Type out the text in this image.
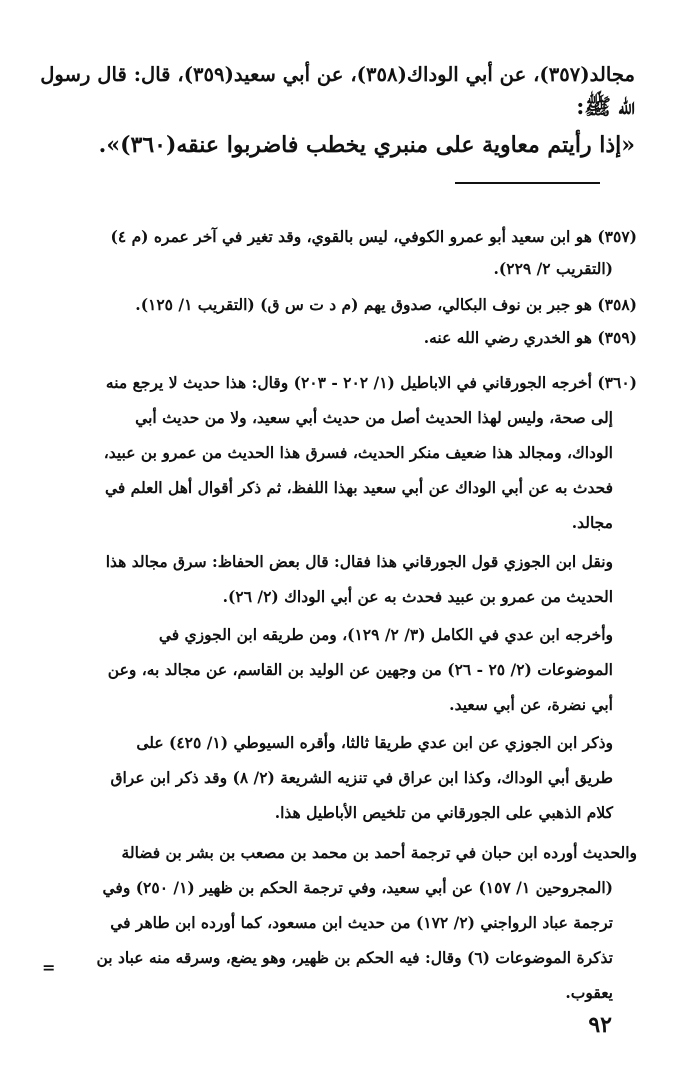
مجالد(٣٥٧)، عن أبي الوداك(٣٥٨)، عن أبي سعيد(٣٥٩)، قال: قال رسول
الله ﷺ:
«إذا رأيتم معاوية على منبري يخطب فاضربوا عنقه(٣٦٠)».
(٣٥٧) هو ابن سعيد أبو عمرو الكوفي، ليس بالقوي، وقد تغير في آخر عمره (م ٤)
(التقريب ٢/ ٢٢٩).
(٣٥٨) هو جبر بن نوف البكالي، صدوق يهم (م د ت س ق) (التقريب ١/ ١٢٥).
(٣٥٩) هو الخدري رضي الله عنه.
(٣٦٠) أخرجه الجورقاني في الاباطيل (١/ ٢٠٢ - ٢٠٣) وقال: هذا حديث لا يرجع منه
إلى صحة، وليس لهذا الحديث أصل من حديث أبي سعيد، ولا من حديث أبي
الوداك، ومجالد هذا ضعيف منكر الحديث، فسرق هذا الحديث من عمرو بن عبيد،
فحدث به عن أبي الوداك عن أبي سعيد بهذا اللفظ، ثم ذكر أقوال أهل العلم في
مجالد.
ونقل ابن الجوزي قول الجورقاني هذا فقال: قال بعض الحفاظ: سرق مجالد هذا
الحديث من عمرو بن عبيد فحدث به عن أبي الوداك (٢/ ٢٦).
وأخرجه ابن عدي في الكامل (٣/ ٢/ ١٢٩)، ومن طريقه ابن الجوزي في
الموضوعات (٢/ ٢٥ - ٢٦) من وجهين عن الوليد بن القاسم، عن مجالد به، وعن
أبي نضرة، عن أبي سعيد.
وذكر ابن الجوزي عن ابن عدي طريقا ثالثا، وأقره السيوطي (١/ ٤٢٥) على
طريق أبي الوداك، وكذا ابن عراق في تنزيه الشريعة (٢/ ٨) وقد ذكر ابن عراق
كلام الذهبي على الجورقاني من تلخيص الأباطيل هذا.
والحديث أورده ابن حبان في ترجمة أحمد بن محمد بن مصعب بن بشر بن فضالة
(المجروحين ١/ ١٥٧) عن أبي سعيد، وفي ترجمة الحكم بن ظهير (١/ ٢٥٠) وفي
ترجمة عباد الرواجني (٢/ ١٧٢) من حديث ابن مسعود، كما أورده ابن طاهر في
تذكرة الموضوعات (٦) وقال: فيه الحكم بن ظهير، وهو يضع، وسرقه منه عباد بن
يعقوب.
=
٩٢
